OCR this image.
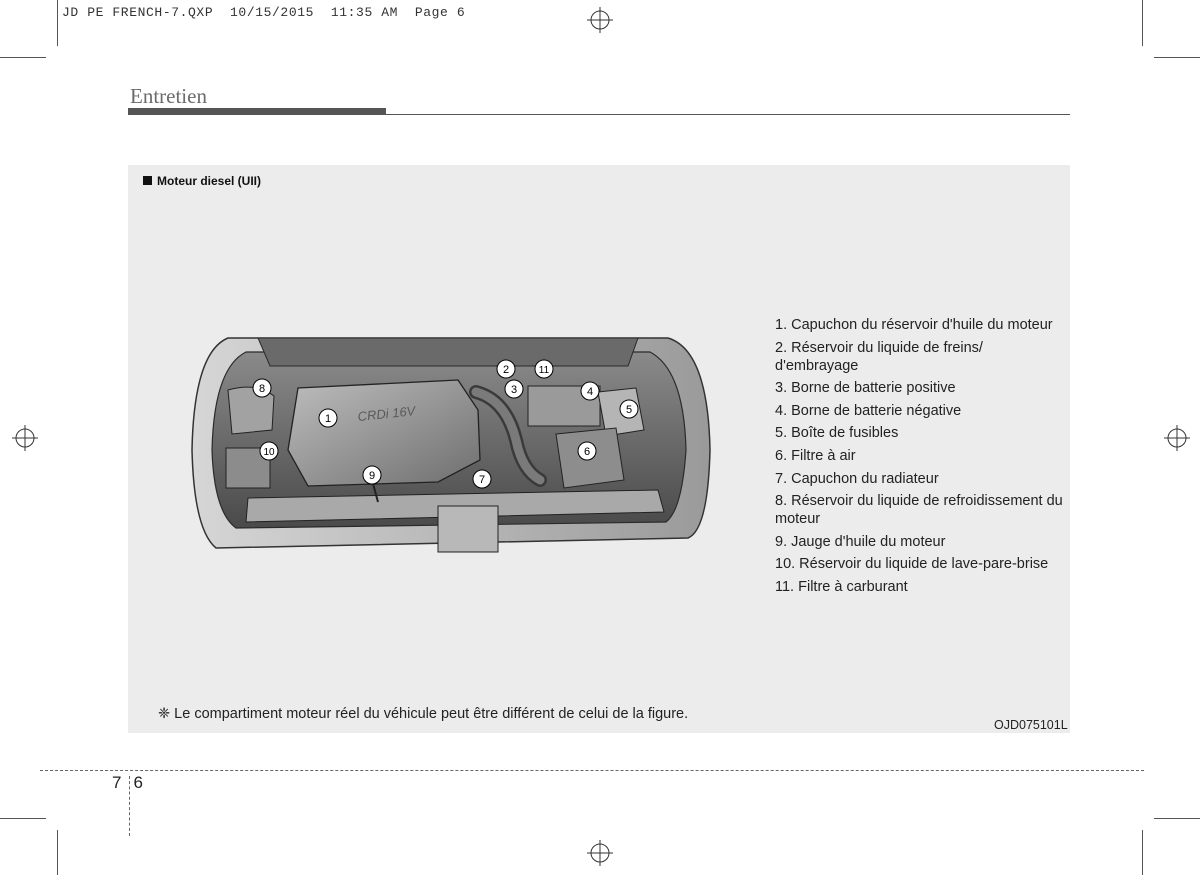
JD PE FRENCH-7.QXP  10/15/2015  11:35 AM  Page 6
Entretien
Moteur diesel (UII)
CRDi 16V
1
2
3	4
5
6
7
8
9
10
11
1. Capuchon du réservoir d'huile du moteur
2. Réservoir du liquide de freins/ d'embrayage
3. Borne de batterie positive
4. Borne de batterie négative
5. Boîte de fusibles
6. Filtre à air
7. Capuchon du radiateur
8. Réservoir du liquide de refroidissement du moteur
9. Jauge d'huile du moteur
10. Réservoir du liquide de lave-pare-brise
11. Filtre à carburant
❈ Le compartiment moteur réel du véhicule peut être différent de celui de la figure.
OJD075101L
7 6
